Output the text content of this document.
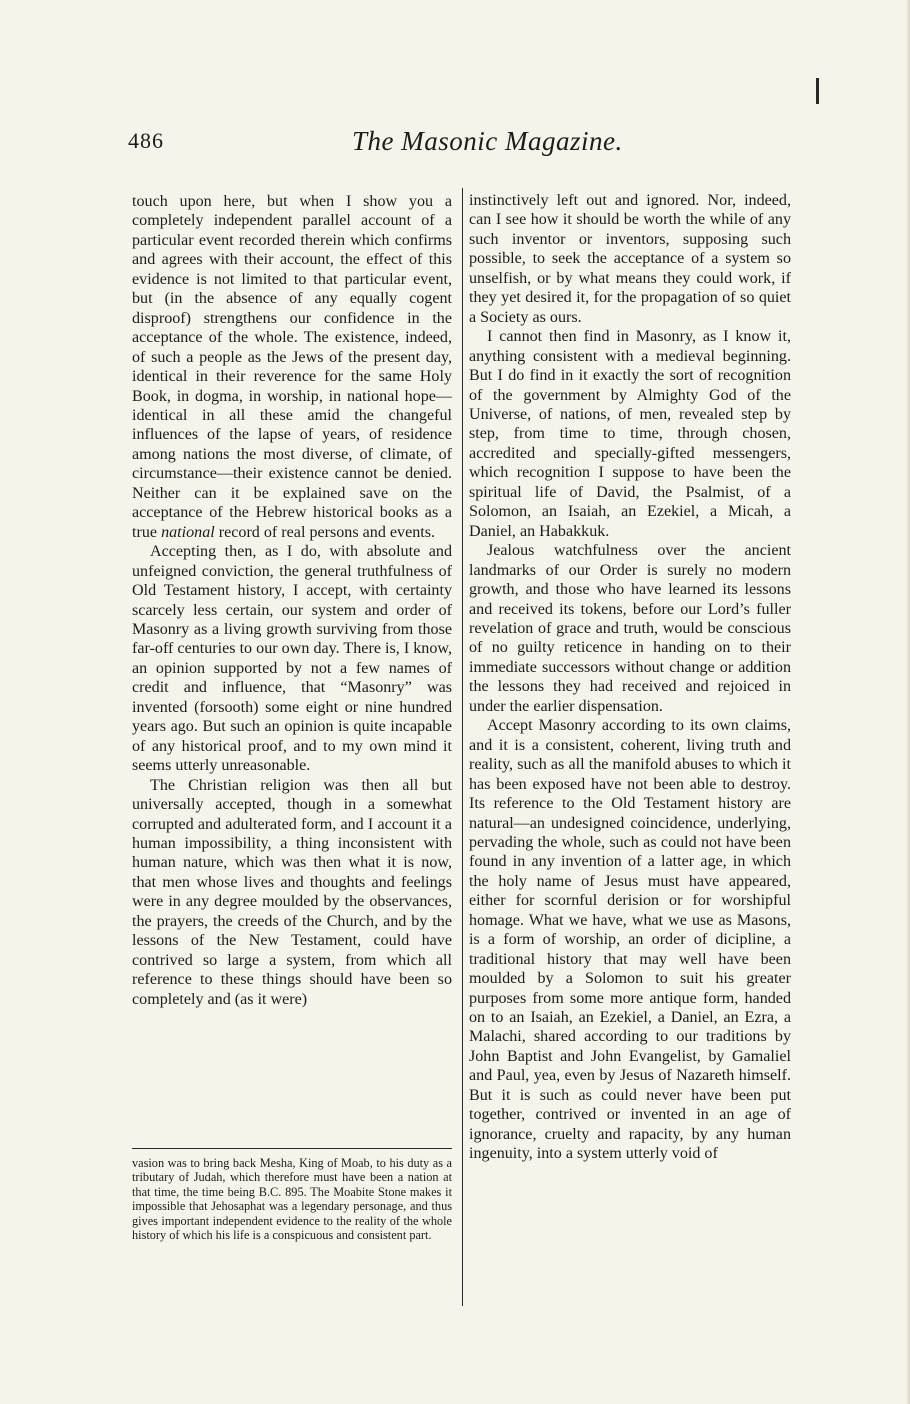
486	The Masonic Magazine.

touch upon here, but when I show you a completely independent parallel account of a particular event recorded therein which confirms and agrees with their account, the effect of this evidence is not limited to that particular event, but (in the absence of any equally cogent disproof) strengthens our confidence in the acceptance of the whole. The existence, indeed, of such a people as the Jews of the present day, identical in their reverence for the same Holy Book, in dogma, in worship, in national hope—identical in all these amid the changeful influences of the lapse of years, of residence among nations the most diverse, of climate, of circumstance—their existence cannot be denied. Neither can it be explained save on the acceptance of the Hebrew historical books as a true national record of real persons and events.

Accepting then, as I do, with absolute and unfeigned conviction, the general truthfulness of Old Testament history, I accept, with certainty scarcely less certain, our system and order of Masonry as a living growth surviving from those far-off centuries to our own day. There is, I know, an opinion supported by not a few names of credit and influence, that “Masonry” was invented (forsooth) some eight or nine hundred years ago. But such an opinion is quite incapable of any historical proof, and to my own mind it seems utterly unreasonable.

The Christian religion was then all but universally accepted, though in a somewhat corrupted and adulterated form, and I account it a human impossibility, a thing inconsistent with human nature, which was then what it is now, that men whose lives and thoughts and feelings were in any degree moulded by the observances, the prayers, the creeds of the Church, and by the lessons of the New Testament, could have contrived so large a system, from which all reference to these things should have been so completely and (as it were)

vasion was to bring back Mesha, King of Moab, to his duty as a tributary of Judah, which therefore must have been a nation at that time, the time being B.C. 895. The Moabite Stone makes it impossible that Jehosaphat was a legendary personage, and thus gives important independent evidence to the reality of the whole history of which his life is a conspicuous and consistent part.

instinctively left out and ignored. Nor, indeed, can I see how it should be worth the while of any such inventor or inventors, supposing such possible, to seek the acceptance of a system so unselfish, or by what means they could work, if they yet desired it, for the propagation of so quiet a Society as ours.

I cannot then find in Masonry, as I know it, anything consistent with a medieval beginning. But I do find in it exactly the sort of recognition of the government by Almighty God of the Universe, of nations, of men, revealed step by step, from time to time, through chosen, accredited and specially-gifted messengers, which recognition I suppose to have been the spiritual life of David, the Psalmist, of a Solomon, an Isaiah, an Ezekiel, a Micah, a Daniel, an Habakkuk.

Jealous watchfulness over the ancient landmarks of our Order is surely no modern growth, and those who have learned its lessons and received its tokens, before our Lord’s fuller revelation of grace and truth, would be conscious of no guilty reticence in handing on to their immediate successors without change or addition the lessons they had received and rejoiced in under the earlier dispensation.

Accept Masonry according to its own claims, and it is a consistent, coherent, living truth and reality, such as all the manifold abuses to which it has been exposed have not been able to destroy. Its reference to the Old Testament history are natural—an undesigned coincidence, underlying, pervading the whole, such as could not have been found in any invention of a latter age, in which the holy name of Jesus must have appeared, either for scornful derision or for worshipful homage. What we have, what we use as Masons, is a form of worship, an order of dicipline, a traditional history that may well have been moulded by a Solomon to suit his greater purposes from some more antique form, handed on to an Isaiah, an Ezekiel, a Daniel, an Ezra, a Malachi, shared according to our traditions by John Baptist and John Evangelist, by Gamaliel and Paul, yea, even by Jesus of Nazareth himself. But it is such as could never have been put together, contrived or invented in an age of ignorance, cruelty and rapacity, by any human ingenuity, into a system utterly void of
